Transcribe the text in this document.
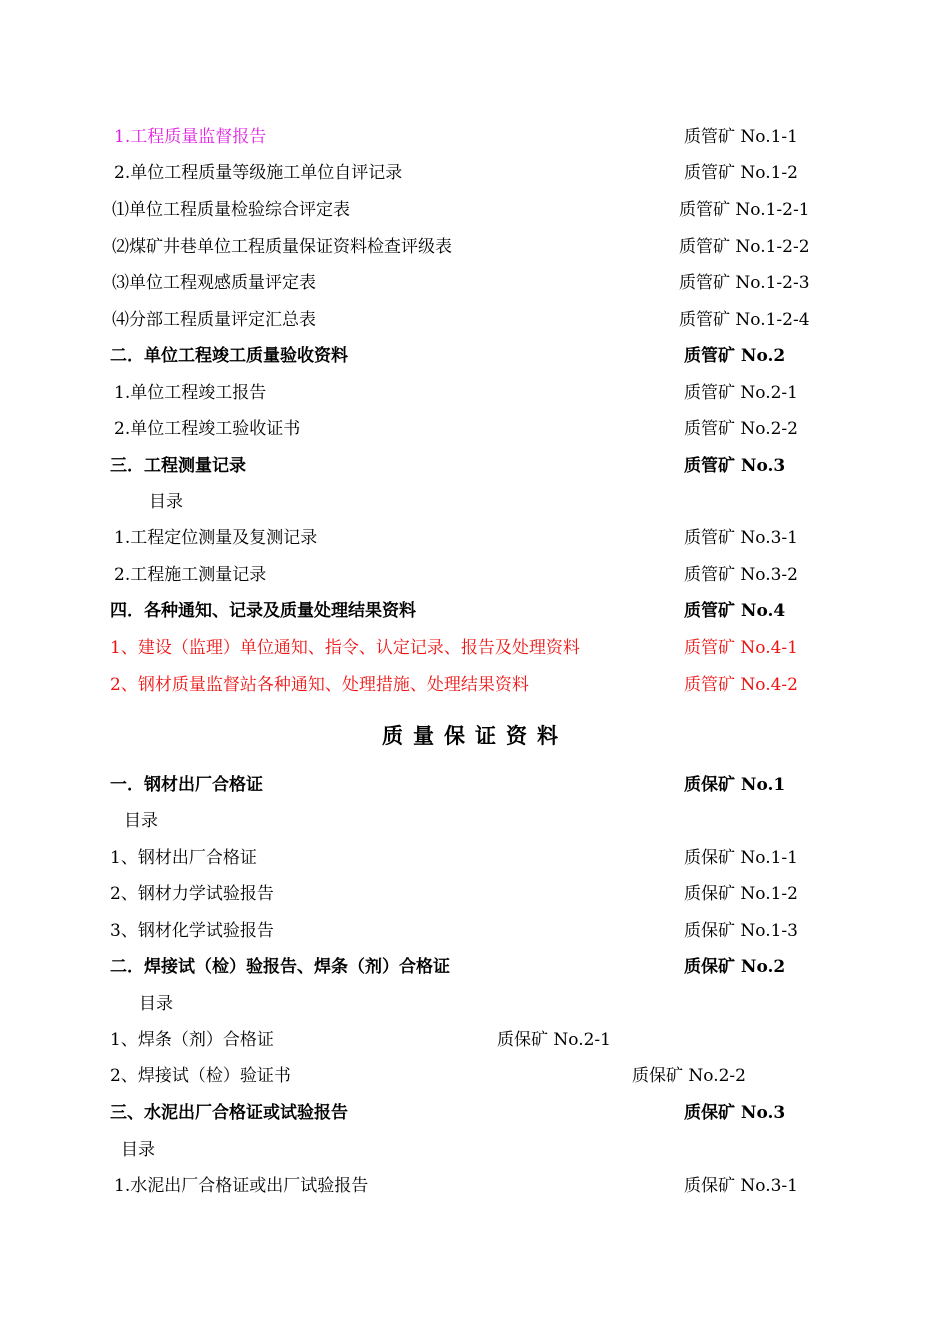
1.工程质量监督报告	质管矿 No.1-1
2.单位工程质量等级施工单位自评记录	质管矿 No.1-2
⑴单位工程质量检验综合评定表	质管矿 No.1-2-1
⑵煤矿井巷单位工程质量保证资料检查评级表	质管矿 No.1-2-2
⑶单位工程观感质量评定表	质管矿 No.1-2-3
⑷分部工程质量评定汇总表	质管矿 No.1-2-4
二．单位工程竣工质量验收资料	质管矿 No.2
1.单位工程竣工报告	质管矿 No.2-1
2.单位工程竣工验收证书	质管矿 No.2-2
三．工程测量记录	质管矿 No.3
目录
1.工程定位测量及复测记录	质管矿 No.3-1
2.工程施工测量记录	质管矿 No.3-2
四．各种通知、记录及质量处理结果资料	质管矿 No.4
1、建设（监理）单位通知、指令、认定记录、报告及处理资料	质管矿 No.4-1
2、钢材质量监督站各种通知、处理措施、处理结果资料	质管矿 No.4-2
质量保证资料
一．钢材出厂合格证	质保矿 No.1
目录
1、钢材出厂合格证	质保矿 No.1-1
2、钢材力学试验报告	质保矿 No.1-2
3、钢材化学试验报告	质保矿 No.1-3
二．焊接试（检）验报告、焊条（剂）合格证	质保矿 No.2
目录
1、焊条（剂）合格证	质保矿 No.2-1
2、焊接试（检）验证书	质保矿 No.2-2
三、水泥出厂合格证或试验报告	质保矿 No.3
目录
1.水泥出厂合格证或出厂试验报告	质保矿 No.3-1
